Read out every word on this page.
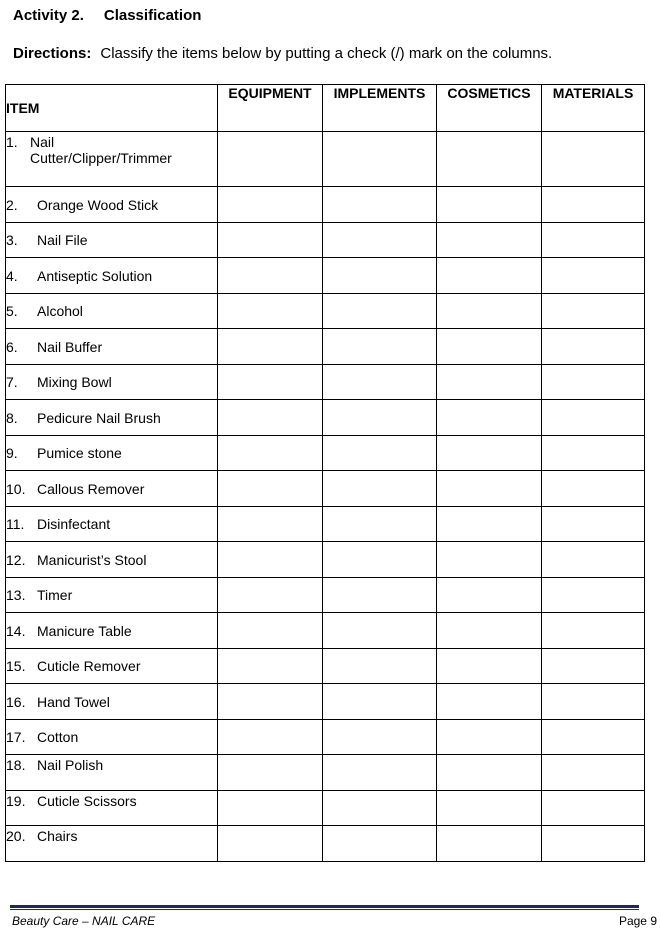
Activity 2. Classification
Directions: Classify the items below by putting a check (/) mark on the columns.
ITEM	EQUIPMENT	IMPLEMENTS	COSMETICS	MATERIALS

1. Nail
Cutter/Clipper/Trimmer				

2. Orange Wood Stick				
3. Nail File				
4. Antiseptic Solution				
5. Alcohol				
6. Nail Buffer				
7. Mixing Bowl				
8. Pedicure Nail Brush				
9. Pumice stone				
10. Callous Remover				
11. Disinfectant				
12. Manicurist’s Stool				
13. Timer				
14. Manicure Table				
15. Cuticle Remover				
16. Hand Towel				
17. Cotton				
18. Nail Polish				
19. Cuticle Scissors				
20. Chairs				
Beauty Care – NAIL CARE	Page 9
